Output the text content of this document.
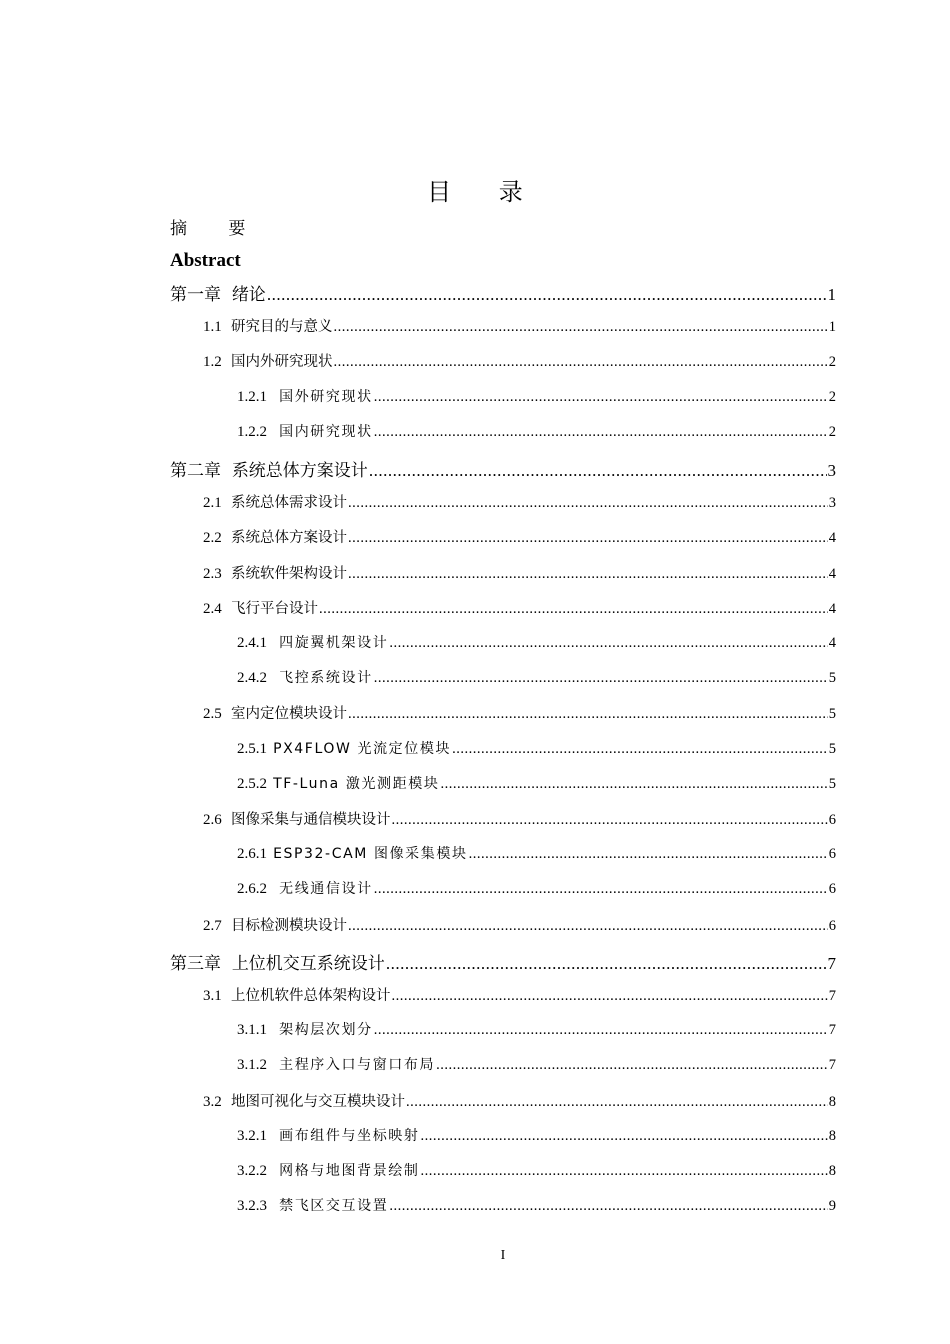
目 录
摘 要
Abstract
第一章 绪论 .....	1
1.1 研究目的与意义 .....	1
1.2 国内外研究现状 .....	2
1.2.1 国外研究现状 .....	2
1.2.2 国内研究现状 .....	2
第二章 系统总体方案设计 .....	3
2.1 系统总体需求设计 .....	3
2.2 系统总体方案设计 .....	4
2.3 系统软件架构设计 .....	4
2.4 飞行平台设计 .....	4
2.4.1 四旋翼机架设计 .....	4
2.4.2 飞控系统设计 .....	5
2.5 室内定位模块设计 .....	5
2.5.1 PX4FLOW 光流定位模块 .....	5
2.5.2 TF-Luna 激光测距模块 .....	5
2.6 图像采集与通信模块设计 .....	6
2.6.1 ESP32-CAM 图像采集模块 .....	6
2.6.2 无线通信设计 .....	6
2.7 目标检测模块设计 .....	6
第三章 上位机交互系统设计 .....	7
3.1 上位机软件总体架构设计 .....	7
3.1.1 架构层次划分 .....	7
3.1.2 主程序入口与窗口布局 .....	7
3.2 地图可视化与交互模块设计 .....	8
3.2.1 画布组件与坐标映射 .....	8
3.2.2 网格与地图背景绘制 .....	8
3.2.3 禁飞区交互设置 .....	9
I
